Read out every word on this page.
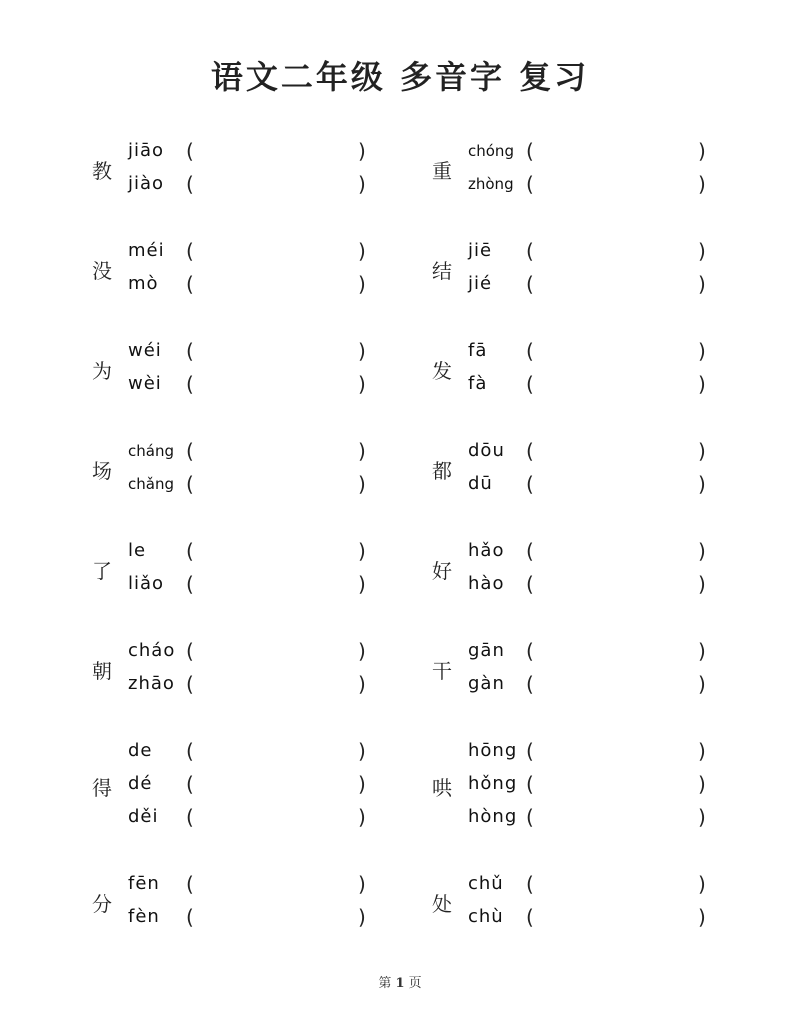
语文二年级 多音字 复习
教
jiāo (	)
jiào (	)
没
méi (	)
mò (	)
为
wéi (	)
wèi (	)
场
cháng (	)
chǎng (	)
了
le (	)
liǎo (	)
朝
cháo (	)
zhāo (	)
得
de (	)
dé (	)
děi (	)
分
fēn (	)
fèn (	)
重
chóng (	)
zhòng (	)
结
jiē (	)
jié (	)
发
fā (	)
fà (	)
都
dōu (	)
dū (	)
好
hǎo (	)
hào (	)
干
gān (	)
gàn (	)
哄
hōng (	)
hǒng (	)
hòng (	)
处
chǔ (	)
chù (	)
第 1 页
